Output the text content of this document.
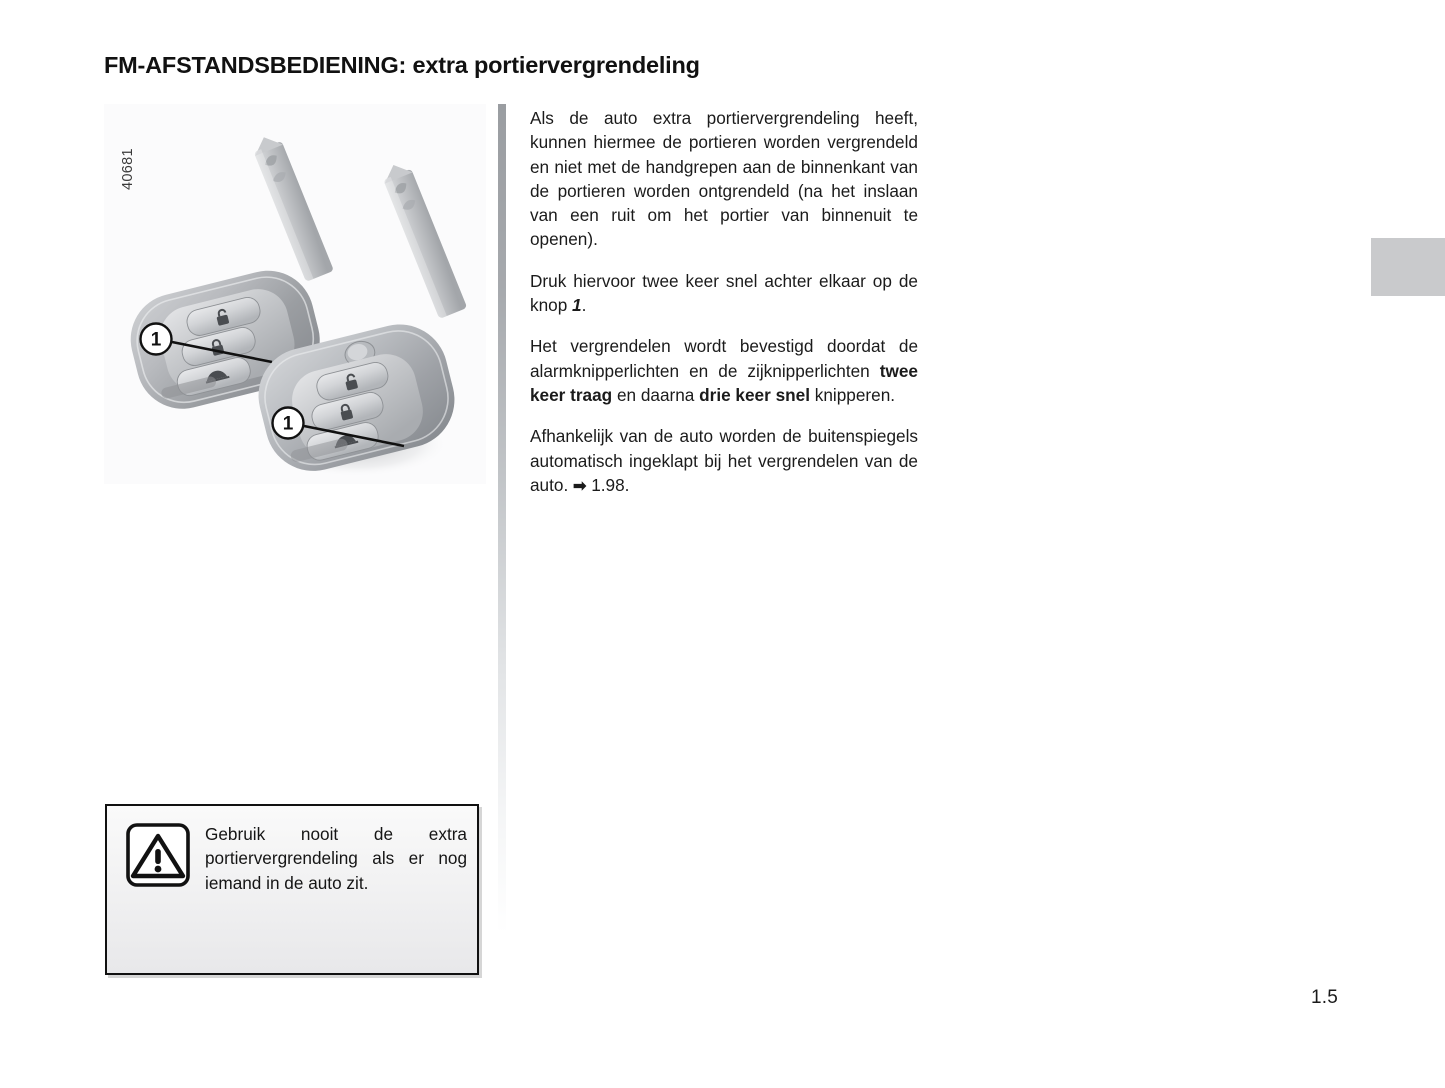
FM-AFSTANDSBEDIENING: extra portiervergrendeling
40681
1
1

Als de auto extra portiervergrendeling heeft, kunnen hiermee de portieren worden vergrendeld en niet met de handgrepen aan de binnenkant van de portieren worden ontgrendeld (na het inslaan van een ruit om het portier van binnenuit te openen).

Druk hiervoor twee keer snel achter elkaar op de knop 1.

Het vergrendelen wordt bevestigd doordat de alarmknipperlichten en de zijknipperlichten twee keer traag en daarna drie keer snel knipperen.

Afhankelijk van de auto worden de buitenspiegels automatisch ingeklapt bij het vergrendelen van de auto. ➡ 1.98.

Gebruik nooit de extra portiervergrendeling als er nog iemand in de auto zit.
1.5
